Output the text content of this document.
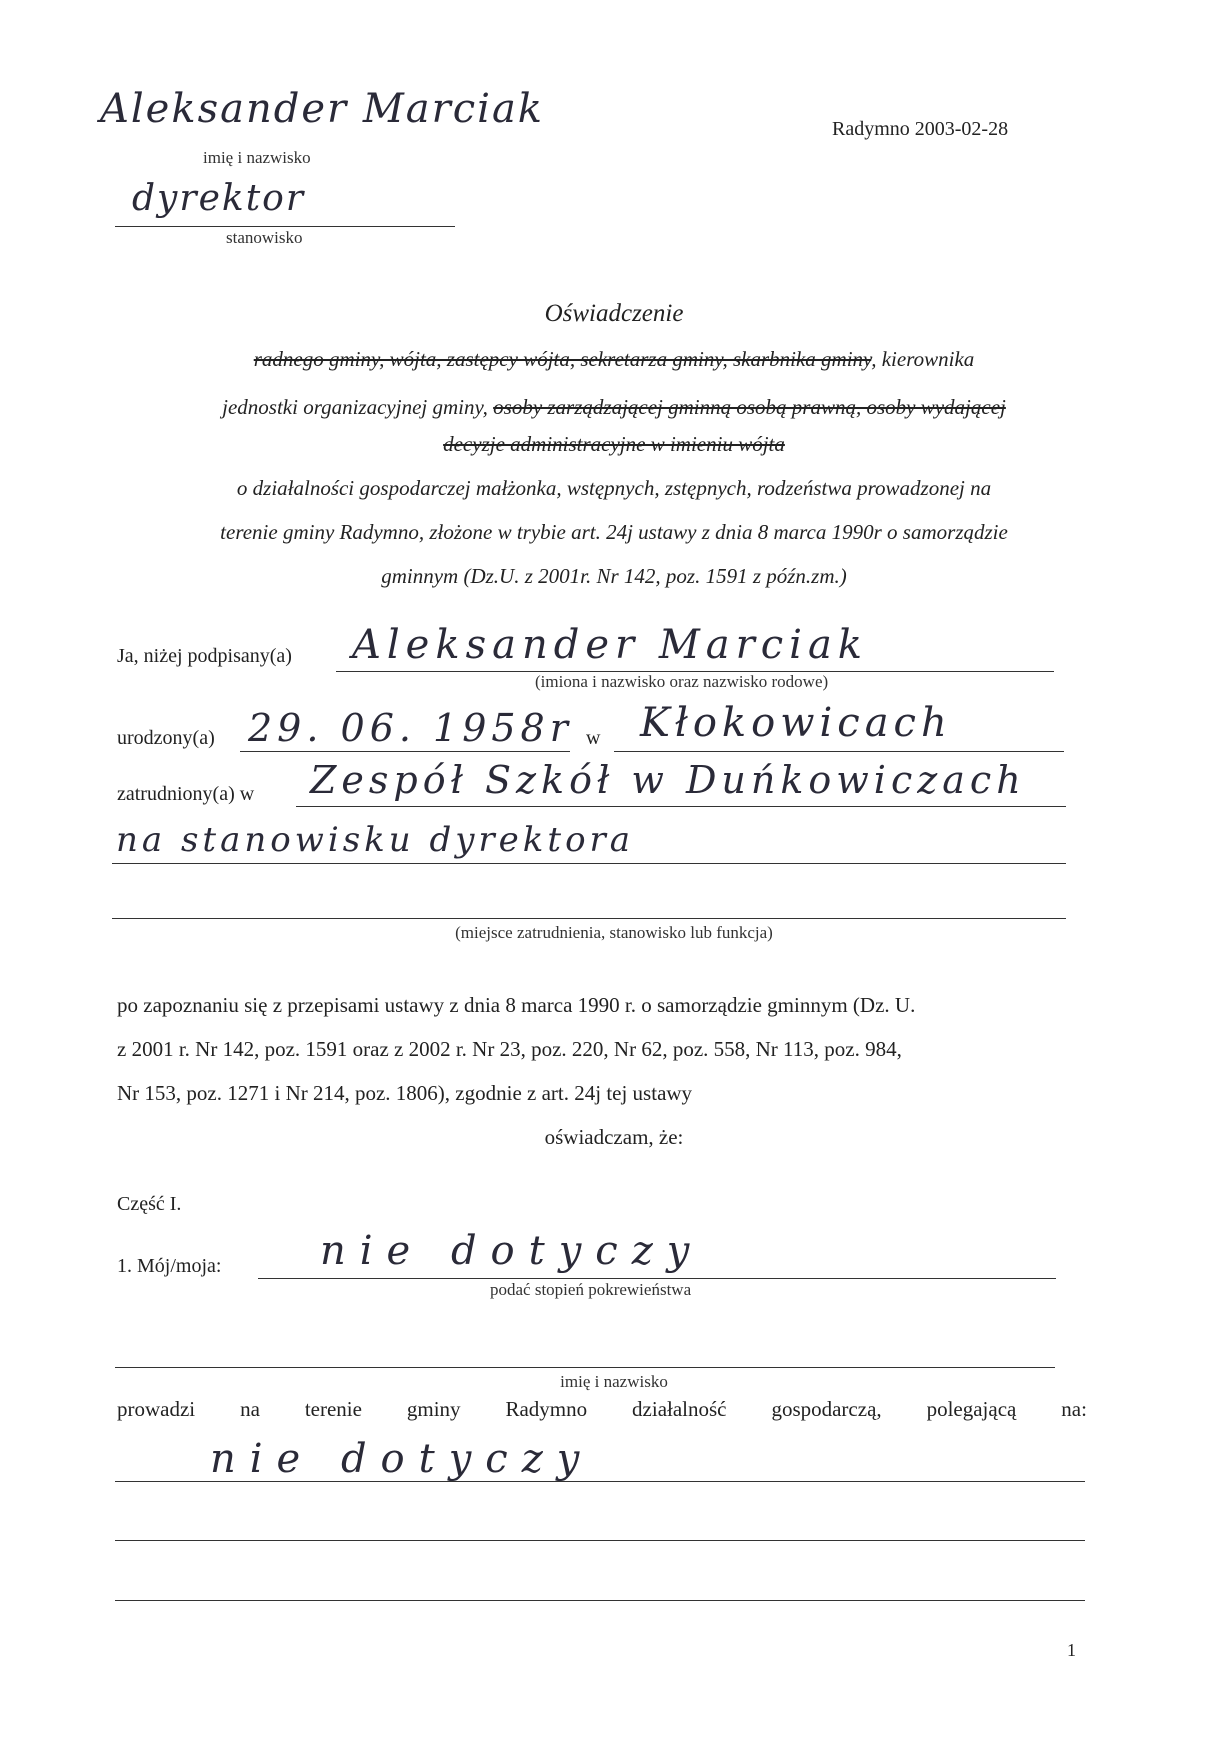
Aleksander Marciak
imię i nazwisko
dyrektor
stanowisko
Radymno 2003-02-28
Oświadczenie
radnego gminy, wójta, zastępcy wójta, sekretarza gminy, skarbnika gminy, kierownika
jednostki organizacyjnej gminy, osoby zarządzającej gminną osobą prawną, osoby wydającej
decyzje administracyjne w imieniu wójta
o działalności gospodarczej małżonka, wstępnych, zstępnych, rodzeństwa prowadzonej na
terenie gminy Radymno, złożone w trybie art. 24j ustawy z dnia 8 marca 1990r o samorządzie
gminnym (Dz.U. z 2001r. Nr 142, poz. 1591 z późn.zm.)
Ja, niżej podpisany(a) Aleksander Marciak
(imiona i nazwisko oraz nazwisko rodowe)
urodzony(a) 29. 06. 1958r w Kłokowicach
zatrudniony(a) w Zespół Szkół w Duńkowiczach
na stanowisku dyrektora
(miejsce zatrudnienia, stanowisko lub funkcja)
po zapoznaniu się z przepisami ustawy z dnia 8 marca 1990 r. o samorządzie gminnym (Dz. U.
z 2001 r. Nr 142, poz. 1591 oraz z 2002 r. Nr 23, poz. 220, Nr 62, poz. 558, Nr 113, poz. 984,
Nr 153, poz. 1271 i Nr 214, poz. 1806), zgodnie z art. 24j tej ustawy
oświadczam, że:
Część I.
1. Mój/moja: nie dotyczy
podać stopień pokrewieństwa
imię i nazwisko
prowadzi na terenie gminy Radymno działalność gospodarczą, polegającą na:
nie dotyczy
1
